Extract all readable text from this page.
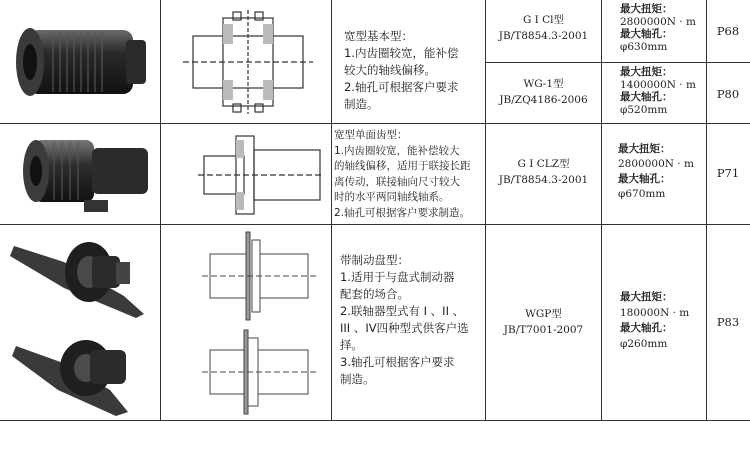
宽型基本型：

1.内齿圈较宽，能补偿

较大的轴线偏移。

2.轴孔可根据客户要求

制造。

G I Cl型
JB/T8854.3-2001
最大扭矩：
2800000N · m
最大轴孔：
φ630mm
P68
WG-1型
JB/ZQ4186-2006
最大扭矩：
1400000N · m
最大轴孔：
φ520mm
P80

宽型单面齿型：

1.内齿圈较宽，能补偿较大

的轴线偏移，适用于联接长距

离传动，联接轴向尺寸较大

时的水平两同轴线轴系。

2.轴孔可根据客户要求制造。

G I CLZ型
JB/T8854.3-2001
最大扭矩：
2800000N · m
最大轴孔：
φ670mm
P71

带制动盘型：

1.适用于与盘式制动器

配套的场合。

2.联轴器型式有 I 、II 、

III 、IV四种型式供客户选

择。

3.轴孔可根据客户要求

制造。

WGP型
JB/T7001-2007
最大扭矩：
180000N · m
最大轴孔：
φ260mm
P83
